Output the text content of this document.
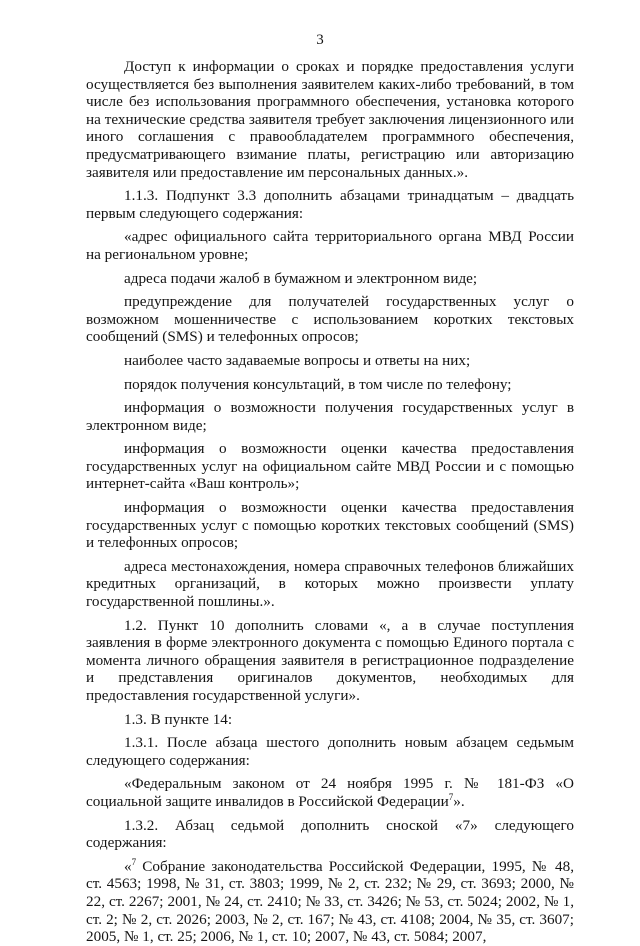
3

Доступ к информации о сроках и порядке предоставления услуги осуществляется без выполнения заявителем каких-либо требований, в том числе без использования программного обеспечения, установка которого на технические средства заявителя требует заключения лицензионного или иного соглашения с правообладателем программного обеспечения, предусматривающего взимание платы, регистрацию или авторизацию заявителя или предоставление им персональных данных.».

1.1.3. Подпункт 3.3 дополнить абзацами тринадцатым – двадцать первым следующего содержания:

«адрес официального сайта территориального органа МВД России на региональном уровне;

адреса подачи жалоб в бумажном и электронном виде;

предупреждение для получателей государственных услуг о возможном мошенничестве с использованием коротких текстовых сообщений (SMS) и телефонных опросов;

наиболее часто задаваемые вопросы и ответы на них;

порядок получения консультаций, в том числе по телефону;

информация о возможности получения государственных услуг в электронном виде;

информация о возможности оценки качества предоставления государственных услуг на официальном сайте МВД России и с помощью интернет-сайта «Ваш контроль»;

информация о возможности оценки качества предоставления государственных услуг с помощью коротких текстовых сообщений (SMS) и телефонных опросов;

адреса местонахождения, номера справочных телефонов ближайших кредитных организаций, в которых можно произвести уплату государственной пошлины.».

1.2. Пункт 10 дополнить словами «, а в случае поступления заявления в форме электронного документа с помощью Единого портала с момента личного обращения заявителя в регистрационное подразделение и представления оригиналов документов, необходимых для предоставления государственной услуги».

1.3. В пункте 14:

1.3.1. После абзаца шестого дополнить новым абзацем седьмым следующего содержания:

«Федеральным законом от 24 ноября 1995 г. № 181-ФЗ «О социальной защите инвалидов в Российской Федерации$^7$».

1.3.2. Абзац седьмой дополнить сноской «7» следующего содержания:

«$^7$ Собрание законодательства Российской Федерации, 1995, № 48, ст. 4563; 1998, № 31, ст. 3803; 1999, № 2, ст. 232; № 29, ст. 3693; 2000, № 22, ст. 2267; 2001, № 24, ст. 2410; № 33, ст. 3426; № 53, ст. 5024; 2002, № 1, ст. 2; № 2, ст. 2026; 2003, № 2, ст. 167; № 43, ст. 4108; 2004, № 35, ст. 3607; 2005, № 1, ст. 25; 2006, № 1, ст. 10; 2007, № 43, ст. 5084; 2007,
